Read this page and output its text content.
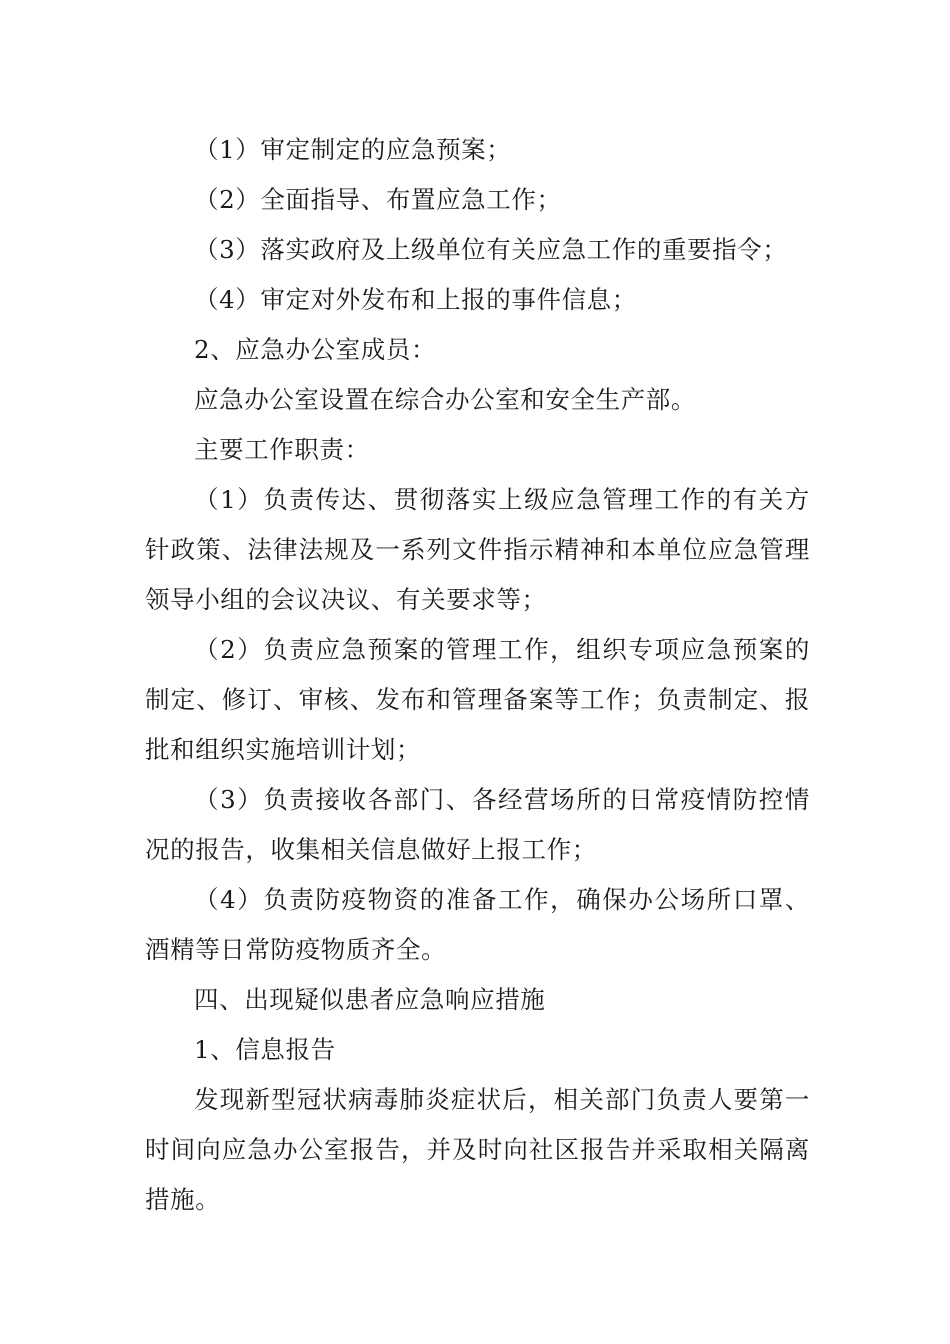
（1）审定制定的应急预案；

（2）全面指导、布置应急工作；

（3）落实政府及上级单位有关应急工作的重要指令；

（4）审定对外发布和上报的事件信息；

2、应急办公室成员：

应急办公室设置在综合办公室和安全生产部。

主要工作职责：

（1）负责传达、贯彻落实上级应急管理工作的有关方针政策、法律法规及一系列文件指示精神和本单位应急管理领导小组的会议决议、有关要求等；

（2）负责应急预案的管理工作，组织专项应急预案的制定、修订、审核、发布和管理备案等工作；负责制定、报批和组织实施培训计划；

（3）负责接收各部门、各经营场所的日常疫情防控情况的报告，收集相关信息做好上报工作；

（4）负责防疫物资的准备工作，确保办公场所口罩、酒精等日常防疫物质齐全。

四、出现疑似患者应急响应措施

1、信息报告

发现新型冠状病毒肺炎症状后，相关部门负责人要第一时间向应急办公室报告，并及时向社区报告并采取相关隔离措施。
